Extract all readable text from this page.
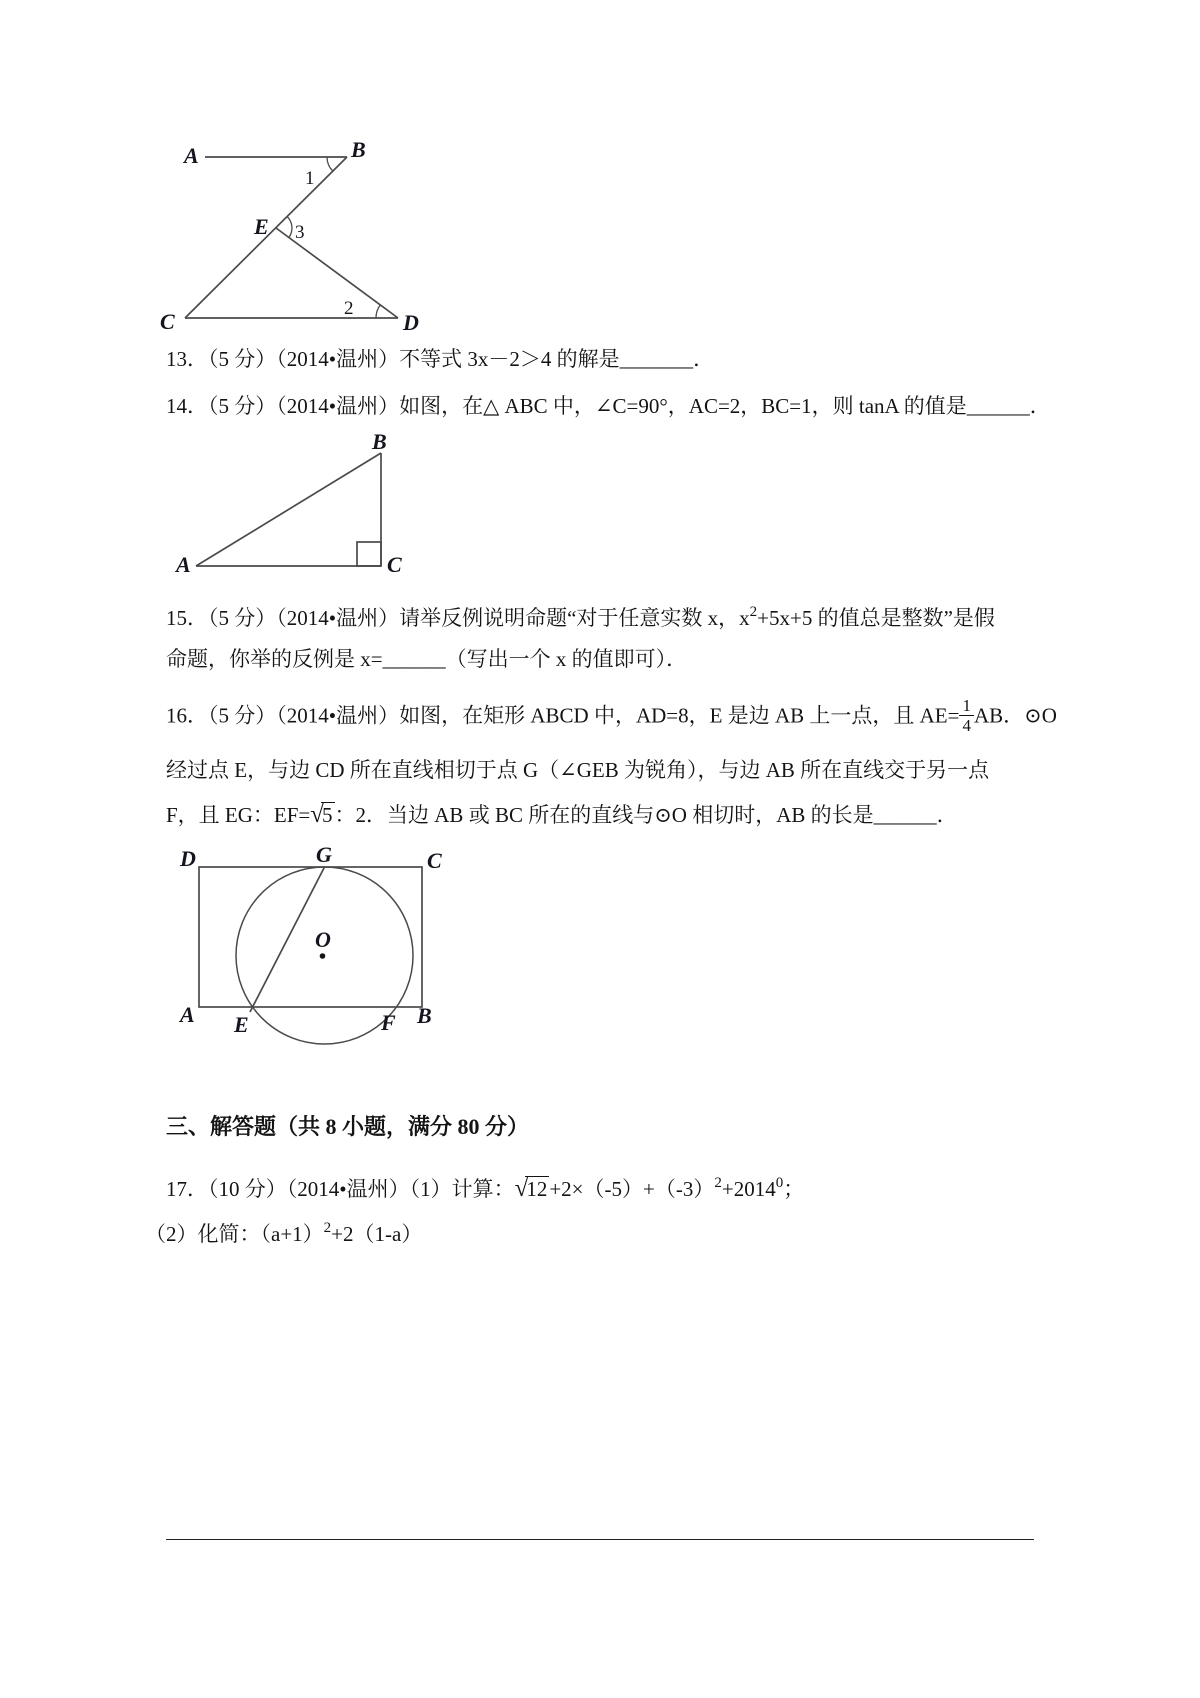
A	B
E
C	D
1
3
2
13．（5 分）（2014•温州）不等式 3x－2＞4 的解是_______．
14．（5 分）（2014•温州）如图，在△ ABC 中，∠C=90°，AC=2，BC=1，则 tanA 的值是______．
B
A	C
15．（5 分）（2014•温州）请举反例说明命题“对于任意实数 x，$x^2+5x+5$ 的值总是整数”是假
命题，你举的反例是 x=______（写出一个 x 的值即可）．
16．（5 分）（2014•温州）如图，在矩形 ABCD 中，AD=8，E 是边 AB 上一点，且 $AE= \frac{1}{4}$ AB．⊙O
经过点 E，与边 CD 所在直线相切于点 G（∠GEB 为锐角），与边 AB 所在直线交于另一点
F，且 EG：EF=√5：2．当边 AB 或 BC 所在的直线与⊙O 相切时，AB 的长是______．
D	G	C
O
A E	F B
三、解答题（共 8 小题，满分 80 分）
17．（10 分）（2014•温州）（1）计算：$√12+2\times(-5)+(-3)^2+2014^0$；
（2）化简：$(a+1)^2+2(1-a)$
